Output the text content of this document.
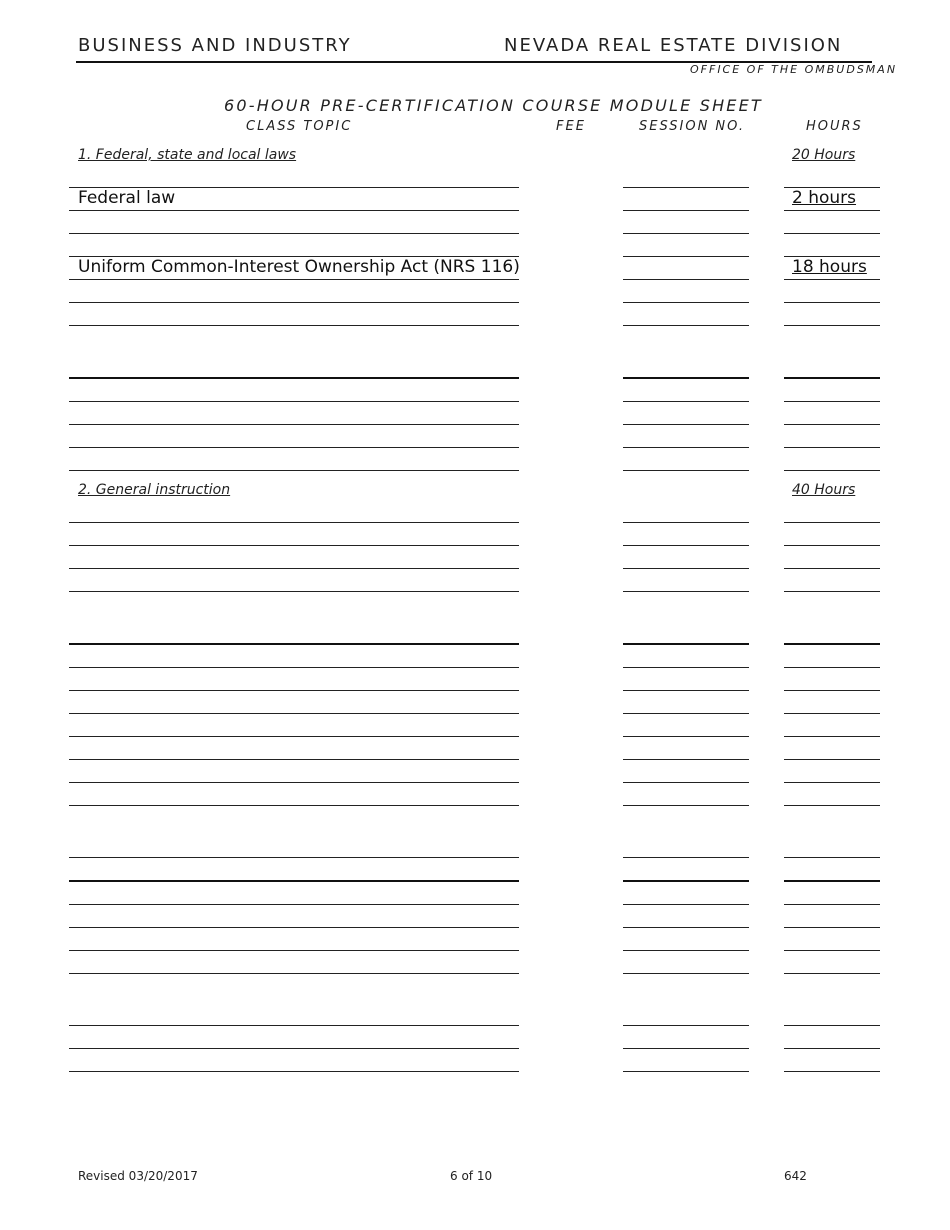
BUSINESS AND INDUSTRY	NEVADA REAL ESTATE DIVISION
OFFICE OF THE OMBUDSMAN
60-HOUR PRE-CERTIFICATION COURSE MODULE SHEET
CLASS TOPIC	FEE	SESSION NO.	HOURS
1. Federal, state and local laws	20 Hours
Federal law	2 hours
Uniform Common-Interest Ownership Act (NRS 116)	18 hours
2. General instruction	40 Hours
Revised 03/20/2017	6 of 10	642
